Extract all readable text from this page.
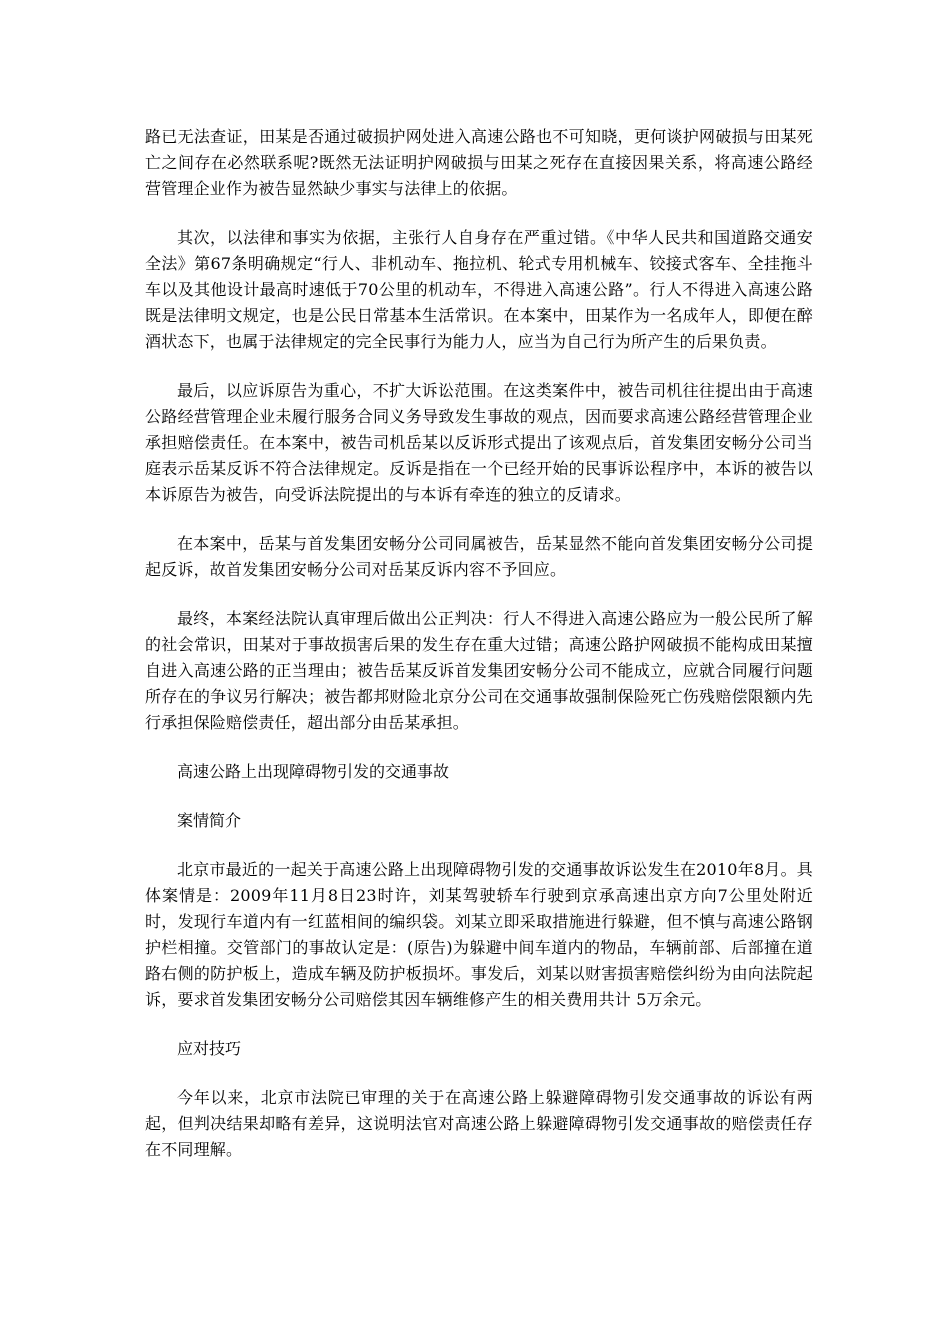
路已无法查证，田某是否通过破损护网处进入高速公路也不可知晓，更何谈护网破损与田某死亡之间存在必然联系呢?既然无法证明护网破损与田某之死存在直接因果关系，将高速公路经营管理企业作为被告显然缺少事实与法律上的依据。

其次，以法律和事实为依据，主张行人自身存在严重过错。《中华人民共和国道路交通安全法》第67条明确规定“行人、非机动车、拖拉机、轮式专用机械车、铰接式客车、全挂拖斗车以及其他设计最高时速低于70公里的机动车，不得进入高速公路”。行人不得进入高速公路既是法律明文规定，也是公民日常基本生活常识。在本案中，田某作为一名成年人，即便在醉酒状态下，也属于法律规定的完全民事行为能力人，应当为自己行为所产生的后果负责。

最后，以应诉原告为重心，不扩大诉讼范围。在这类案件中，被告司机往往提出由于高速公路经营管理企业未履行服务合同义务导致发生事故的观点，因而要求高速公路经营管理企业承担赔偿责任。在本案中，被告司机岳某以反诉形式提出了该观点后，首发集团安畅分公司当庭表示岳某反诉不符合法律规定。反诉是指在一个已经开始的民事诉讼程序中，本诉的被告以本诉原告为被告，向受诉法院提出的与本诉有牵连的独立的反请求。

在本案中，岳某与首发集团安畅分公司同属被告，岳某显然不能向首发集团安畅分公司提起反诉，故首发集团安畅分公司对岳某反诉内容不予回应。

最终，本案经法院认真审理后做出公正判决：行人不得进入高速公路应为一般公民所了解的社会常识，田某对于事故损害后果的发生存在重大过错；高速公路护网破损不能构成田某擅自进入高速公路的正当理由；被告岳某反诉首发集团安畅分公司不能成立，应就合同履行问题所存在的争议另行解决；被告都邦财险北京分公司在交通事故强制保险死亡伤残赔偿限额内先行承担保险赔偿责任，超出部分由岳某承担。

高速公路上出现障碍物引发的交通事故
案情简介

北京市最近的一起关于高速公路上出现障碍物引发的交通事故诉讼发生在2010年8月。具体案情是：2009年11月8日23时许，刘某驾驶轿车行驶到京承高速出京方向7公里处附近时，发现行车道内有一红蓝相间的编织袋。刘某立即采取措施进行躲避，但不慎与高速公路钢护栏相撞。交管部门的事故认定是：(原告)为躲避中间车道内的物品，车辆前部、后部撞在道路右侧的防护板上，造成车辆及防护板损坏。事发后，刘某以财害损害赔偿纠纷为由向法院起诉，要求首发集团安畅分公司赔偿其因车辆维修产生的相关费用共计 5万余元。

应对技巧

今年以来，北京市法院已审理的关于在高速公路上躲避障碍物引发交通事故的诉讼有两起，但判决结果却略有差异，这说明法官对高速公路上躲避障碍物引发交通事故的赔偿责任存在不同理解。
